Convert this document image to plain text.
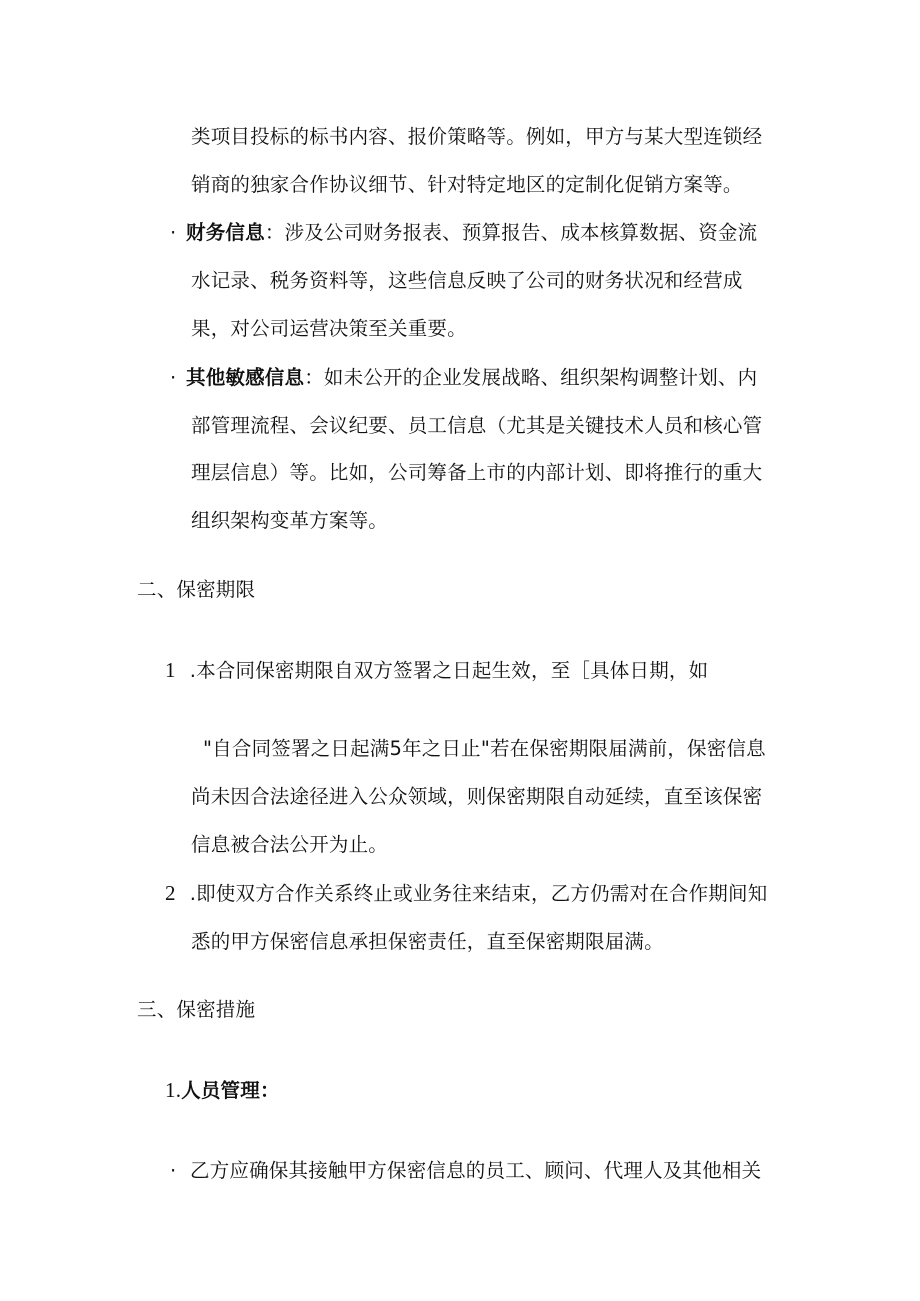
类项目投标的标书内容、报价策略等。例如，甲方与某大型连锁经
销商的独家合作协议细节、针对特定地区的定制化促销方案等。
· 财务信息：涉及公司财务报表、预算报告、成本核算数据、资金流
水记录、税务资料等，这些信息反映了公司的财务状况和经营成
果，对公司运营决策至关重要。
· 其他敏感信息：如未公开的企业发展战略、组织架构调整计划、内
部管理流程、会议纪要、员工信息（尤其是关键技术人员和核心管
理层信息）等。比如，公司筹备上市的内部计划、即将推行的重大
组织架构变革方案等。
二、保密期限
1 .本合同保密期限自双方签署之日起生效，至［具体日期，如
"自合同签署之日起满5年之日止"若在保密期限届满前，保密信息
尚未因合法途径进入公众领域，则保密期限自动延续，直至该保密
信息被合法公开为止。
2 .即使双方合作关系终止或业务往来结束，乙方仍需对在合作期间知
悉的甲方保密信息承担保密责任，直至保密期限届满。
三、保密措施
1.人员管理：
· 乙方应确保其接触甲方保密信息的员工、顾问、代理人及其他相关
